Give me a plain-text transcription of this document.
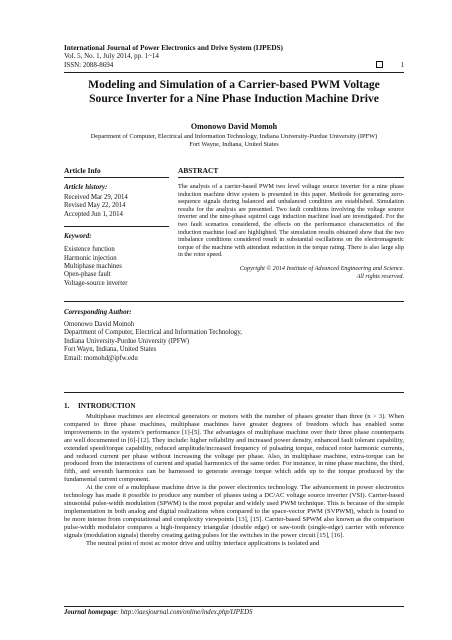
International Journal of Power Electronics and Drive System (IJPEDS)
Vol. 5, No. 1, July 2014, pp. 1~14
ISSN: 2088-8694	1
Modeling and Simulation of a Carrier-based PWM Voltage
Source Inverter for a Nine Phase Induction Machine Drive
Omonowo David Momoh
Department of Computer, Electrical and Information Technology, Indiana University-Purdue University (IPFW)
Fort Wayne, Indiana, United States
Article Info
Article history:
Received Mar 29, 2014
Revised May 22, 2014
Accepted Jun 1, 2014
Keyword:
Existence function
Harmonic injection
Multiphase machines
Open-phase fault
Voltage-source inverter
ABSTRACT

The analysis of a carrier-based PWM two level voltage source inverter for a nine phase induction machine drive system is presented in this paper. Methods for generating zero-sequence signals during balanced and unbalanced condition are established. Simulation results for the analysis are presented. Two fault conditions involving the voltage source inverter and the nine-phase squirrel cage induction machine load are investigated. For the two fault scenarios considered, the effects on the performance characteristics of the induction machine load are highlighted. The simulation results obtained show that the two imbalance conditions considered result in substantial oscillations on the electromagnetic torque of the machine with attendant reduction in the torque rating. There is also large slip in the rotor speed.

Copyright © 2014 Institute of Advanced Engineering and Science.
All rights reserved.
Corresponding Author:
Omonowo David Momoh
Department of Computer, Electrical and Information Technology,
Indiana University-Purdue University (IPFW)
Fort Wayn, Indiana, United States
Email: momohd@ipfw.edu
1. INTRODUCTION

Multiphase machines are electrical generators or motors with the number of phases greater than three (n > 3). When compared to three phase machines, multiphase machines have greater degrees of freedom which has enabled some improvements in the system’s performance [1]-[5]. The advantages of multiphase machine over their three phase counterparts are well documented in [6]-[12]. They include: higher reliability and increased power density, enhanced fault tolerant capability, extended speed/torque capability, reduced amplitude/increased frequency of pulsating torque, reduced rotor harmonic currents, and reduced current per phase without increasing the voltage per phase. Also, in multiphase machine, extra-torque can be produced from the interactions of current and spatial harmonics of the same order. For instance, in nine phase machine, the third, fifth, and seventh harmonics can be harnessed to generate average torque which adds up to the torque produced by the fundamental current component.

At the core of a multiphase machine drive is the power electronics technology. The advancement in power electronics technology has made it possible to produce any number of phases using a DC/AC voltage source inverter (VSI). Carrier-based sinusoidal pulse-width modulation (SPWM) is the most popular and widely used PWM technique. This is because of the simple implementation in both analog and digital realizations when compared to the space-vector PWM (SVPWM), which is found to be more intense from computational and complexity viewpoints [13], [15]. Carrier-based SPWM also known as the comparison pulse-width modulator compares a high-frequency triangular (double edge) or saw-tooth (single-edge) carrier with reference signals (modulation signals) thereby creating gating pulses for the switches in the power circuit [15], [16].

The neutral point of most ac motor drive and utility interface applications is isolated and

Journal homepage: http://iaesjournal.com/online/index.php/IJPEDS
